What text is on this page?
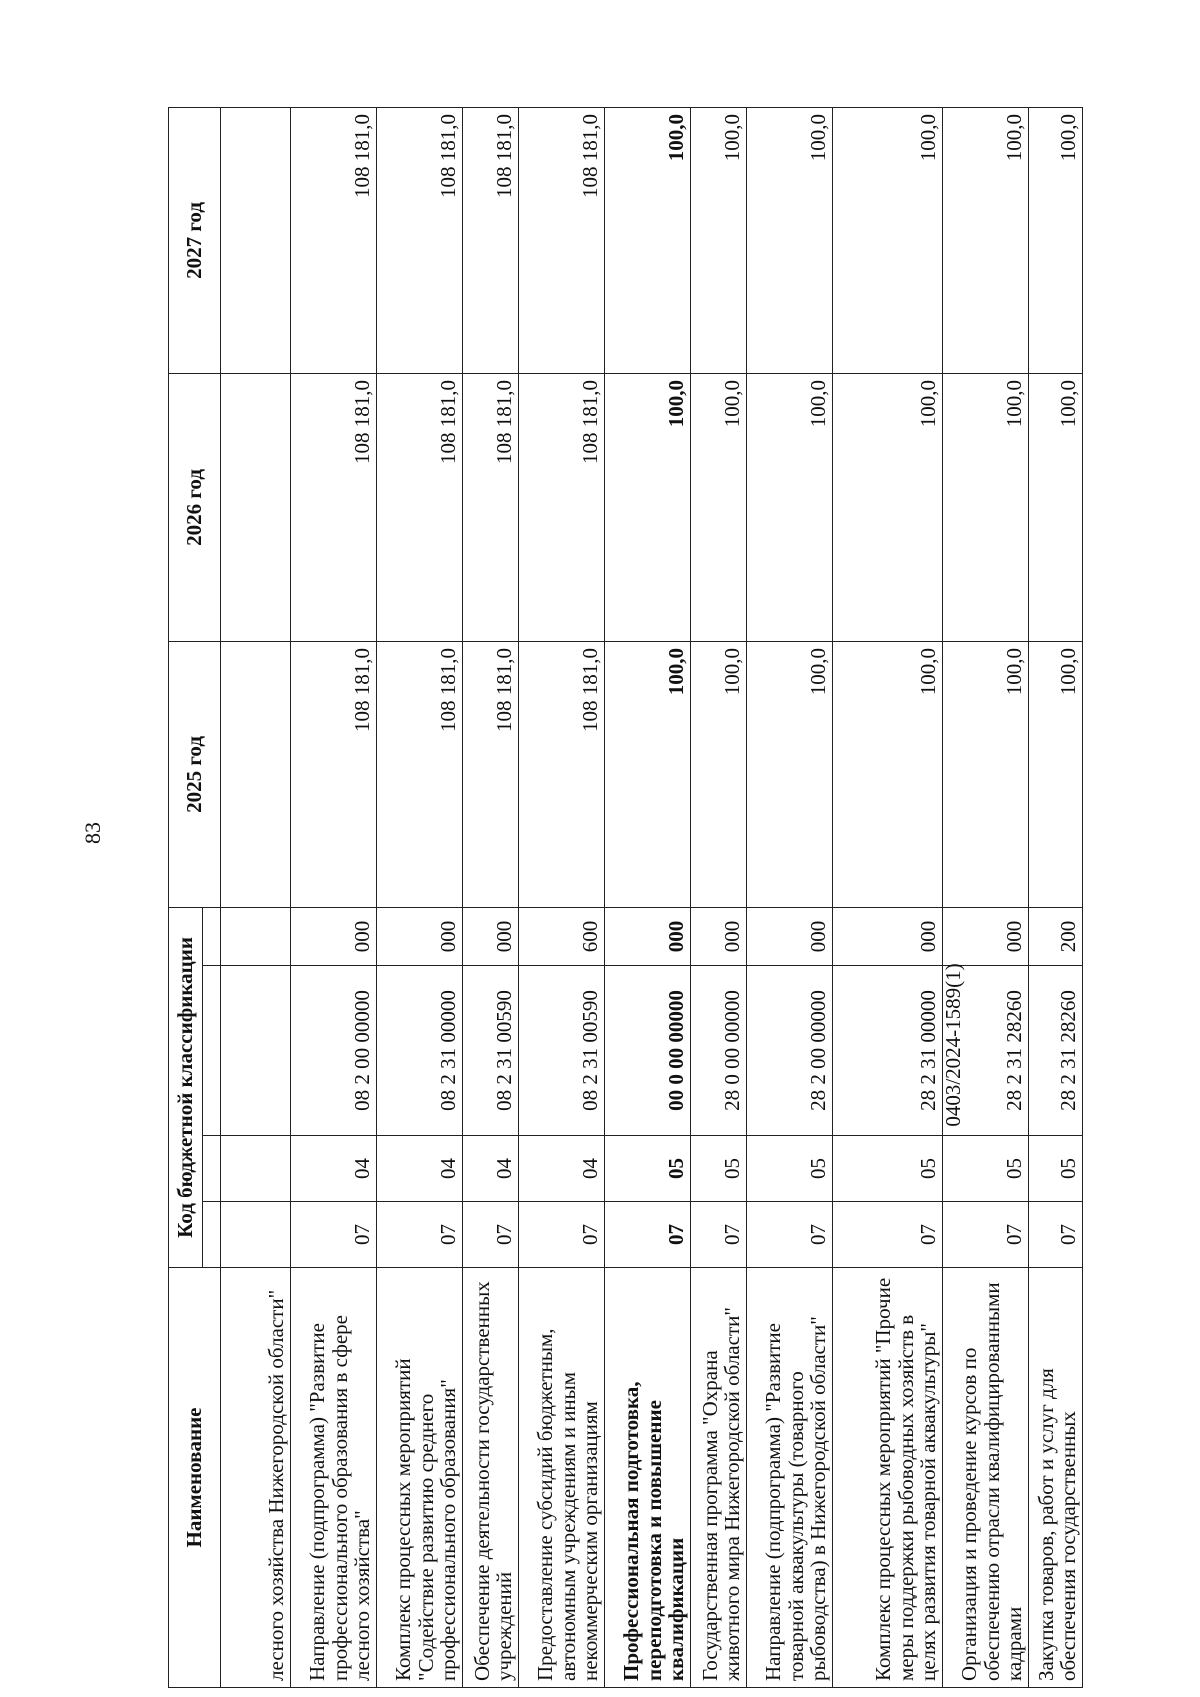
83
Наименование	Код бюджетной классификации				2025 год	2026 год	2027 год

лесного хозяйства Нижегородской области"							
Направление (подпрограмма) "Развитие профессионального образования в сфере лесного хозяйства"	07	04	08 2 00 00000	000	108 181,0	108 181,0	108 181,0
Комплекс процессных мероприятий "Содействие развитию среднего профессионального образования"	07	04	08 2 31 00000	000	108 181,0	108 181,0	108 181,0
Обеспечение деятельности государственных учреждений	07	04	08 2 31 00590	000	108 181,0	108 181,0	108 181,0
Предоставление субсидий бюджетным, автономным учреждениям и иным некоммерческим организациям	07	04	08 2 31 00590	600	108 181,0	108 181,0	108 181,0
Профессиональная подготовка, переподготовка и повышение квалификации	07	05	00 0 00 00000	000	100,0	100,0	100,0
Государственная программа "Охрана животного мира Нижегородской области"	07	05	28 0 00 00000	000	100,0	100,0	100,0
Направление (подпрограмма) "Развитие товарной аквакультуры (товарного рыбоводства) в Нижегородской области"	07	05	28 2 00 00000	000	100,0	100,0	100,0
Комплекс процессных мероприятий "Прочие меры поддержки рыбоводных хозяйств в целях развития товарной аквакультуры"	07	05	28 2 31 00000	000	100,0	100,0	100,0
Организация и проведение курсов по обеспечению отрасли квалифицированными кадрами	07	05	28 2 31 28260	000	100,0	100,0	100,0
Закупка товаров, работ и услуг для обеспечения государственных	07	05	28 2 31 28260	200	100,0	100,0	100,0
0403/2024-1589(1)
